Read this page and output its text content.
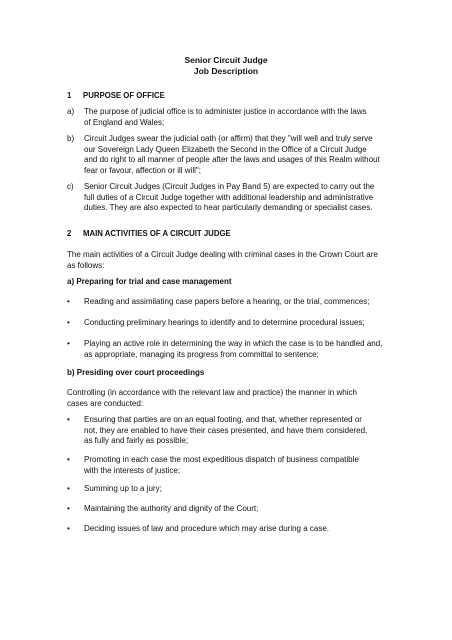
Senior Circuit Judge
Job Description
1 PURPOSE OF OFFICE
a) The purpose of judicial office is to administer justice in accordance with the laws
of England and Wales;
b) Circuit Judges swear the judicial oath (or affirm) that they "will well and truly serve
our Sovereign Lady Queen Elizabeth the Second in the Office of a Circuit Judge
and do right to all manner of people after the laws and usages of this Realm without
fear or favour, affection or ill will";
c) Senior Circuit Judges (Circuit Judges in Pay Band 5) are expected to carry out the
full duties of a Circuit Judge together with additional leadership and administrative
duties. They are also expected to hear particularly demanding or specialist cases.
2 MAIN ACTIVITIES OF A CIRCUIT JUDGE
The main activities of a Circuit Judge dealing with criminal cases in the Crown Court are
as follows:
a) Preparing for trial and case management
• Reading and assimilating case papers before a hearing, or the trial, commences;
• Conducting preliminary hearings to identify and to determine procedural issues;
• Playing an active role in determining the way in which the case is to be handled and,
as appropriate, managing its progress from committal to sentence;
b) Presiding over court proceedings
Controlling (in accordance with the relevant law and practice) the manner in which
cases are conducted:
• Ensuring that parties are on an equal footing, and that, whether represented or
not, they are enabled to have their cases presented, and have them considered,
as fully and fairly as possible;
• Promoting in each case the most expeditious dispatch of business compatible
with the interests of justice;
• Summing up to a jury;
• Maintaining the authority and dignity of the Court;
• Deciding issues of law and procedure which may arise during a case.
